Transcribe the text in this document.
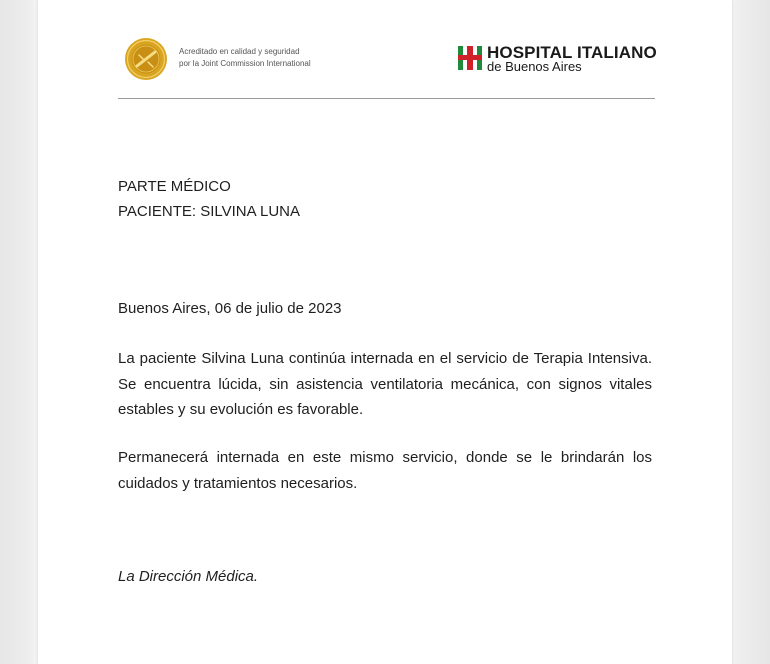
Acreditado en calidad y seguridad
por la Joint Commission International
HOSPITAL ITALIANO
de Buenos Aires
PARTE MÉDICO
PACIENTE: SILVINA LUNA
Buenos Aires, 06 de julio de 2023
La paciente Silvina Luna continúa internada en el servicio de Terapia Intensiva. Se encuentra lúcida, sin asistencia ventilatoria mecánica, con signos vitales estables y su evolución es favorable.
Permanecerá internada en este mismo servicio, donde se le brindarán los cuidados y tratamientos necesarios.
La Dirección Médica.
